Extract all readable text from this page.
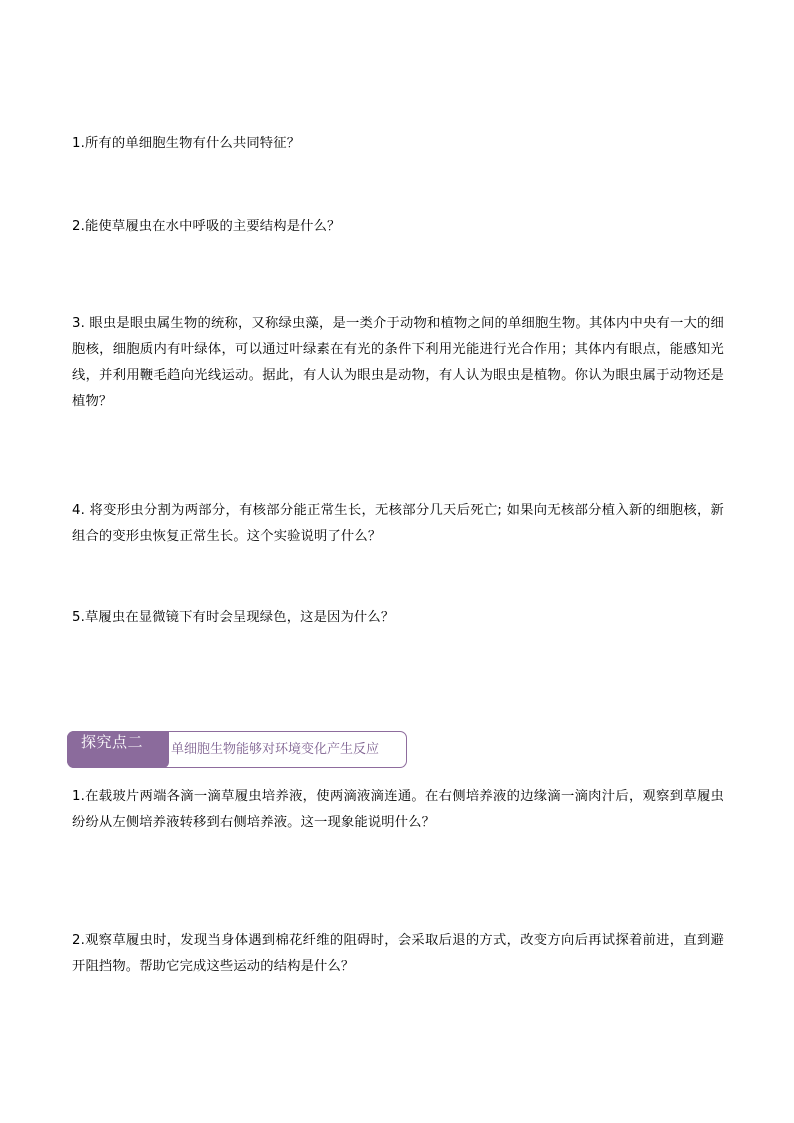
1.所有的单细胞生物有什么共同特征？

2.能使草履虫在水中呼吸的主要结构是什么？

3. 眼虫是眼虫属生物的统称，又称绿虫藻，是一类介于动物和植物之间的单细胞生物。其体内中央有一大的细胞核，细胞质内有叶绿体，可以通过叶绿素在有光的条件下利用光能进行光合作用；其体内有眼点，能感知光线，并利用鞭毛趋向光线运动。据此，有人认为眼虫是动物，有人认为眼虫是植物。你认为眼虫属于动物还是植物？

4. 将变形虫分割为两部分，有核部分能正常生长，无核部分几天后死亡; 如果向无核部分植入新的细胞核，新组合的变形虫恢复正常生长。这个实验说明了什么？

5.草履虫在显微镜下有时会呈现绿色，这是因为什么？

探究点二	单细胞生物能够对环境变化产生反应

1.在载玻片两端各滴一滴草履虫培养液，使两滴液滴连通。在右侧培养液的边缘滴一滴肉汁后，观察到草履虫纷纷从左侧培养液转移到右侧培养液。这一现象能说明什么？

2.观察草履虫时，发现当身体遇到棉花纤维的阻碍时，会采取后退的方式，改变方向后再试探着前进，直到避开阻挡物。帮助它完成这些运动的结构是什么？
